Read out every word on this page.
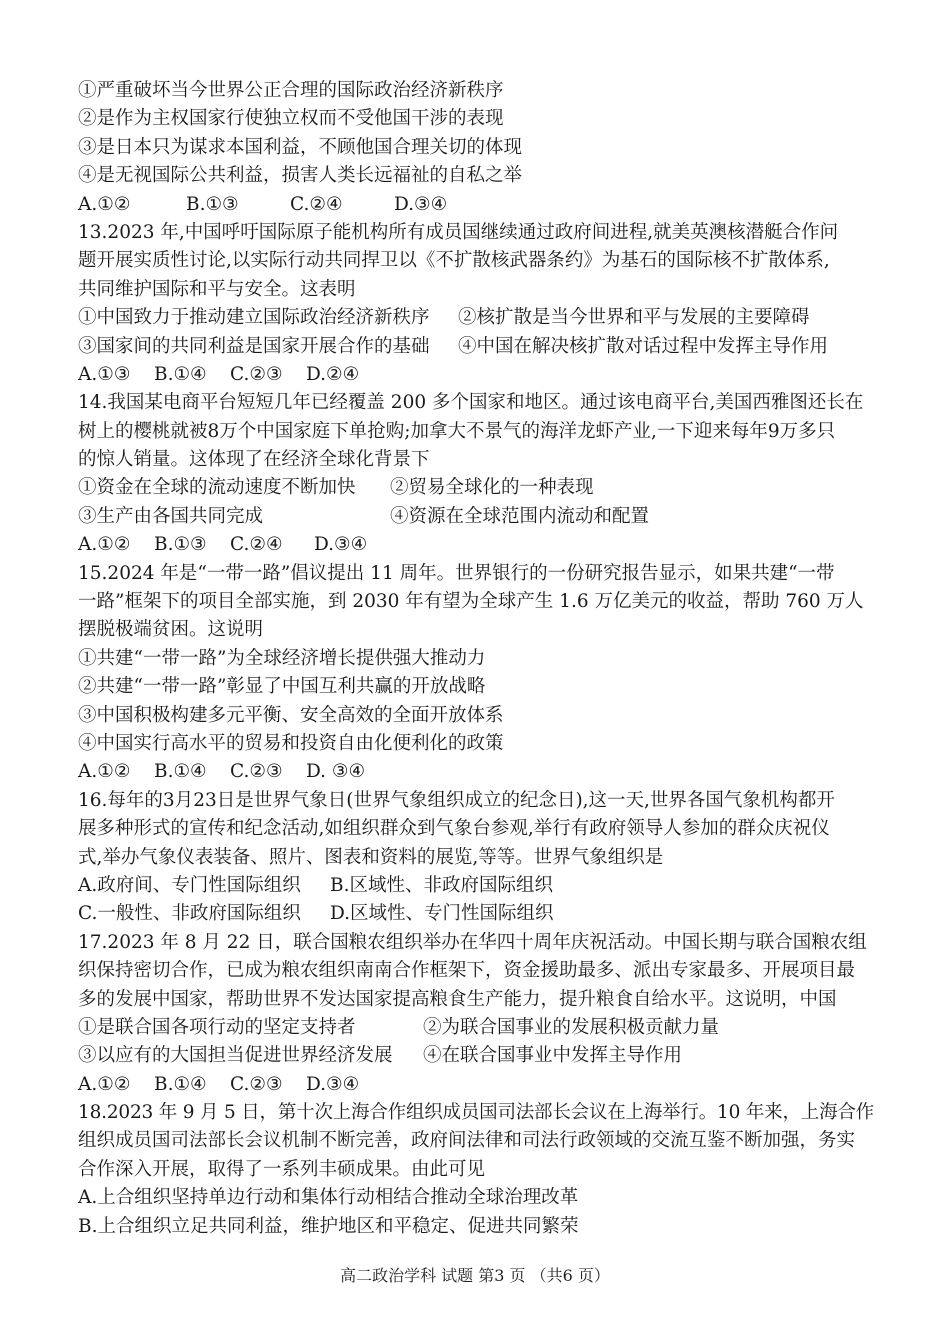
①严重破坏当今世界公正合理的国际政治经济新秩序
②是作为主权国家行使独立权而不受他国干涉的表现
③是日本只为谋求本国利益，不顾他国合理关切的体现
④是无视国际公共利益，损害人类长远福祉的自私之举
A.①②	B.①③	C.②④	D.③④
13.2023 年,中国呼吁国际原子能机构所有成员国继续通过政府间进程,就美英澳核潜艇合作问
题开展实质性讨论,以实际行动共同捍卫以《不扩散核武器条约》为基石的国际核不扩散体系,
共同维护国际和平与安全。这表明
①中国致力于推动建立国际政治经济新秩序	②核扩散是当今世界和平与发展的主要障碍
③国家间的共同利益是国家开展合作的基础	④中国在解决核扩散对话过程中发挥主导作用
A.①③ B.①④ C.②③ D.②④
14.我国某电商平台短短几年已经覆盖 200 多个国家和地区。通过该电商平台,美国西雅图还长在
树上的樱桃就被8万个中国家庭下单抢购;加拿大不景气的海洋龙虾产业,一下迎来每年9万多只
的惊人销量。这体现了在经济全球化背景下
①资金在全球的流动速度不断加快	②贸易全球化的一种表现
③生产由各国共同完成	④资源在全球范围内流动和配置
A.①② B.①③ C.②④ D.③④
15.2024 年是“一带一路”倡议提出 11 周年。世界银行的一份研究报告显示，如果共建“一带
一路”框架下的项目全部实施，到 2030 年有望为全球产生 1.6 万亿美元的收益，帮助 760 万人
摆脱极端贫困。这说明
①共建“一带一路”为全球经济增长提供强大推动力
②共建“一带一路”彰显了中国互利共赢的开放战略
③中国积极构建多元平衡、安全高效的全面开放体系
④中国实行高水平的贸易和投资自由化便利化的政策
A.①② B.①④ C.②③ D. ③④
16.每年的3月23日是世界气象日(世界气象组织成立的纪念日),这一天,世界各国气象机构都开
展多种形式的宣传和纪念活动,如组织群众到气象台参观,举行有政府领导人参加的群众庆祝仪
式,举办气象仪表装备、照片、图表和资料的展览,等等。世界气象组织是
A.政府间、专门性国际组织	B.区域性、非政府国际组织
C.一般性、非政府国际组织	D.区域性、专门性国际组织
17.2023 年 8 月 22 日，联合国粮农组织举办在华四十周年庆祝活动。中国长期与联合国粮农组
织保持密切合作，已成为粮农组织南南合作框架下，资金援助最多、派出专家最多、开展项目最
多的发展中国家，帮助世界不发达国家提高粮食生产能力，提升粮食自给水平。这说明，中国
①是联合国各项行动的坚定支持者	②为联合国事业的发展积极贡献力量
③以应有的大国担当促进世界经济发展	④在联合国事业中发挥主导作用
A.①② B.①④ C.②③ D.③④
18.2023 年 9 月 5 日，第十次上海合作组织成员国司法部长会议在上海举行。10 年来，上海合作
组织成员国司法部长会议机制不断完善，政府间法律和司法行政领域的交流互鉴不断加强，务实
合作深入开展，取得了一系列丰硕成果。由此可见
A.上合组织坚持单边行动和集体行动相结合推动全球治理改革
B.上合组织立足共同利益，维护地区和平稳定、促进共同繁荣
高二政治学科 试题 第3 页 （共6 页）
